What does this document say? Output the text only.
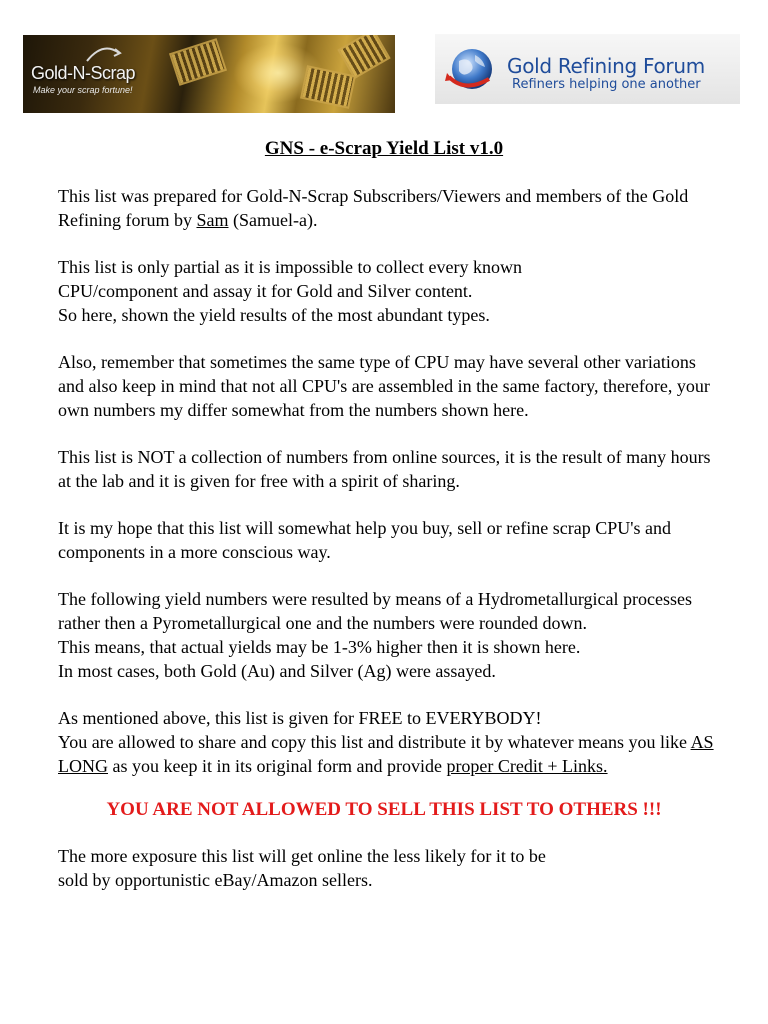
Gold-N-Scrap
Make your scrap fortune!
Gold Refining Forum
Refiners helping one another
GNS - e-Scrap Yield List v1.0

This list was prepared for Gold-N-Scrap Subscribers/Viewers and members of the Gold Refining forum by Sam (Samuel-a).

This list is only partial as it is impossible to collect every known
CPU/component and assay it for Gold and Silver content.
So here, shown the yield results of the most abundant types.

Also, remember that sometimes the same type of CPU may have several other variations and also keep in mind that not all CPU's are assembled in the same factory, therefore, your own numbers my differ somewhat from the numbers shown here.

This list is NOT a collection of numbers from online sources, it is the result of many hours at the lab and it is given for free with a spirit of sharing.

It is my hope that this list will somewhat help you buy, sell or refine scrap CPU's and components in a more conscious way.

The following yield numbers were resulted by means of a Hydrometallurgical processes rather then a Pyrometallurgical one and the numbers were rounded down.
This means, that actual yields may be 1-3% higher then it is shown here.
In most cases, both Gold (Au) and Silver (Ag) were assayed.

As mentioned above, this list is given for FREE to EVERYBODY!
You are allowed to share and copy this list and distribute it by whatever means you like AS LONG as you keep it in its original form and provide proper Credit + Links.

YOU ARE NOT ALLOWED TO SELL THIS LIST TO OTHERS !!!

The more exposure this list will get online the less likely for it to be
sold by opportunistic eBay/Amazon sellers.
